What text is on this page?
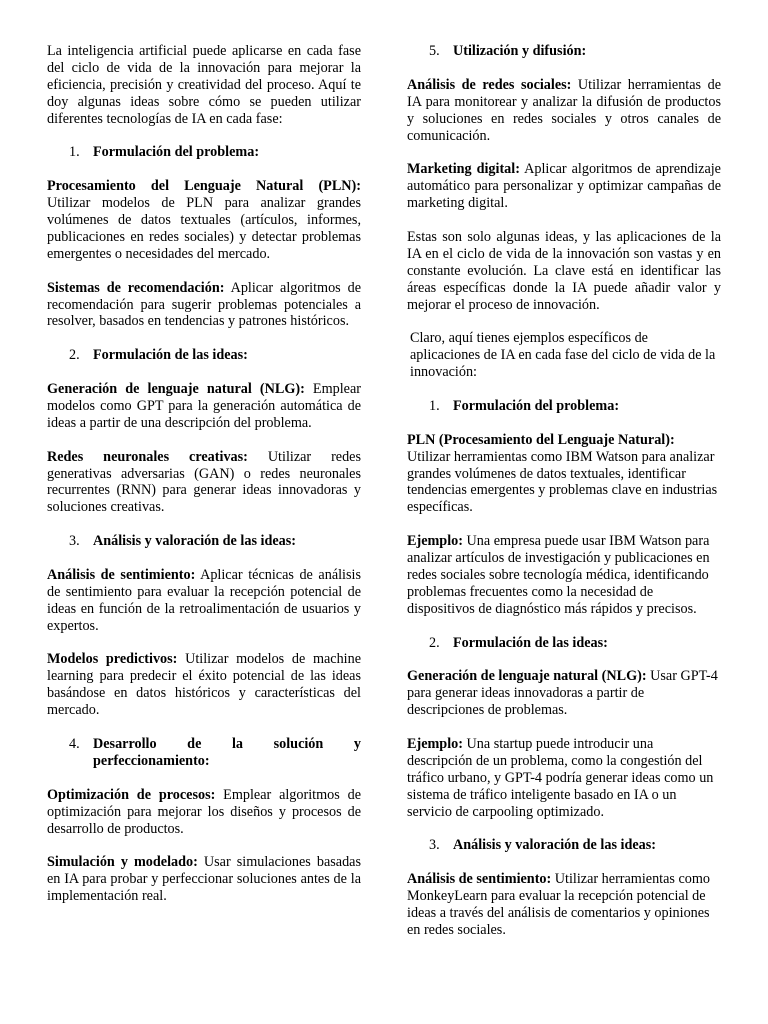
La inteligencia artificial puede aplicarse en cada fase del ciclo de vida de la innovación para mejorar la eficiencia, precisión y creatividad del proceso. Aquí te doy algunas ideas sobre cómo se pueden utilizar diferentes tecnologías de IA en cada fase:

1. Formulación del problema:

Procesamiento del Lenguaje Natural (PLN): Utilizar modelos de PLN para analizar grandes volúmenes de datos textuales (artículos, informes, publicaciones en redes sociales) y detectar problemas emergentes o necesidades del mercado.

Sistemas de recomendación: Aplicar algoritmos de recomendación para sugerir problemas potenciales a resolver, basados en tendencias y patrones históricos.

2. Formulación de las ideas:

Generación de lenguaje natural (NLG): Emplear modelos como GPT para la generación automática de ideas a partir de una descripción del problema.

Redes neuronales creativas: Utilizar redes generativas adversarias (GAN) o redes neuronales recurrentes (RNN) para generar ideas innovadoras y soluciones creativas.

3. Análisis y valoración de las ideas:

Análisis de sentimiento: Aplicar técnicas de análisis de sentimiento para evaluar la recepción potencial de ideas en función de la retroalimentación de usuarios y expertos.

Modelos predictivos: Utilizar modelos de machine learning para predecir el éxito potencial de las ideas basándose en datos históricos y características del mercado.

4. Desarrollo de la solución y
perfeccionamiento:

Optimización de procesos: Emplear algoritmos de optimización para mejorar los diseños y procesos de desarrollo de productos.

Simulación y modelado: Usar simulaciones basadas en IA para probar y perfeccionar soluciones antes de la implementación real.

5. Utilización y difusión:

Análisis de redes sociales: Utilizar herramientas de IA para monitorear y analizar la difusión de productos y soluciones en redes sociales y otros canales de comunicación.

Marketing digital: Aplicar algoritmos de aprendizaje automático para personalizar y optimizar campañas de marketing digital.

Estas son solo algunas ideas, y las aplicaciones de la IA en el ciclo de vida de la innovación son vastas y en constante evolución. La clave está en identificar las áreas específicas donde la IA puede añadir valor y mejorar el proceso de innovación.

Claro, aquí tienes ejemplos específicos de aplicaciones de IA en cada fase del ciclo de vida de la innovación:

1. Formulación del problema:

PLN (Procesamiento del Lenguaje Natural): Utilizar herramientas como IBM Watson para analizar grandes volúmenes de datos textuales, identificar tendencias emergentes y problemas clave en industrias específicas.

Ejemplo: Una empresa puede usar IBM Watson para analizar artículos de investigación y publicaciones en redes sociales sobre tecnología médica, identificando problemas frecuentes como la necesidad de dispositivos de diagnóstico más rápidos y precisos.

2. Formulación de las ideas:

Generación de lenguaje natural (NLG): Usar GPT-4 para generar ideas innovadoras a partir de descripciones de problemas.

Ejemplo: Una startup puede introducir una descripción de un problema, como la congestión del tráfico urbano, y GPT-4 podría generar ideas como un sistema de tráfico inteligente basado en IA o un servicio de carpooling optimizado.

3. Análisis y valoración de las ideas:

Análisis de sentimiento: Utilizar herramientas como MonkeyLearn para evaluar la recepción potencial de ideas a través del análisis de comentarios y opiniones en redes sociales.
